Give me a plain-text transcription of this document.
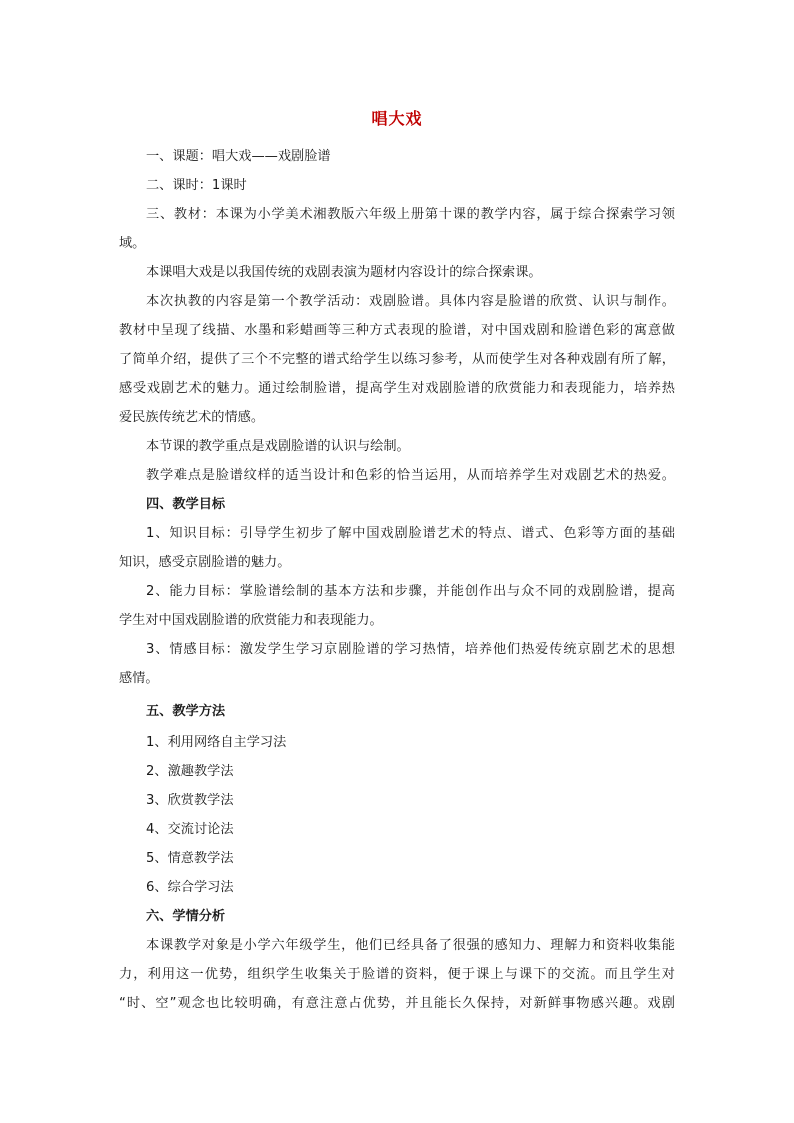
唱大戏
一、课题：唱大戏——戏剧脸谱
二、课时：1课时
三、教材：本课为小学美术湘教版六年级上册第十课的教学内容，属于综合探索学习领
域。
本课唱大戏是以我国传统的戏剧表演为题材内容设计的综合探索课。
本次执教的内容是第一个教学活动：戏剧脸谱。具体内容是脸谱的欣赏、认识与制作。
教材中呈现了线描、水墨和彩蜡画等三种方式表现的脸谱，对中国戏剧和脸谱色彩的寓意做
了简单介绍，提供了三个不完整的谱式给学生以练习参考，从而使学生对各种戏剧有所了解，
感受戏剧艺术的魅力。通过绘制脸谱，提高学生对戏剧脸谱的欣赏能力和表现能力，培养热
爱民族传统艺术的情感。
本节课的教学重点是戏剧脸谱的认识与绘制。
教学难点是脸谱纹样的适当设计和色彩的恰当运用，从而培养学生对戏剧艺术的热爱。
四、教学目标
1、知识目标：引导学生初步了解中国戏剧脸谱艺术的特点、谱式、色彩等方面的基础
知识，感受京剧脸谱的魅力。
2、能力目标：掌脸谱绘制的基本方法和步骤，并能创作出与众不同的戏剧脸谱，提高
学生对中国戏剧脸谱的欣赏能力和表现能力。
3、情感目标：激发学生学习京剧脸谱的学习热情，培养他们热爱传统京剧艺术的思想
感情。
五、教学方法
1、利用网络自主学习法
2、激趣教学法
3、欣赏教学法
4、交流讨论法
5、情意教学法
6、综合学习法
六、学情分析
本课教学对象是小学六年级学生，他们已经具备了很强的感知力、理解力和资料收集能
力，利用这一优势，组织学生收集关于脸谱的资料，便于课上与课下的交流。而且学生对
“时、空”观念也比较明确，有意注意占优势，并且能长久保持，对新鲜事物感兴趣。戏剧
